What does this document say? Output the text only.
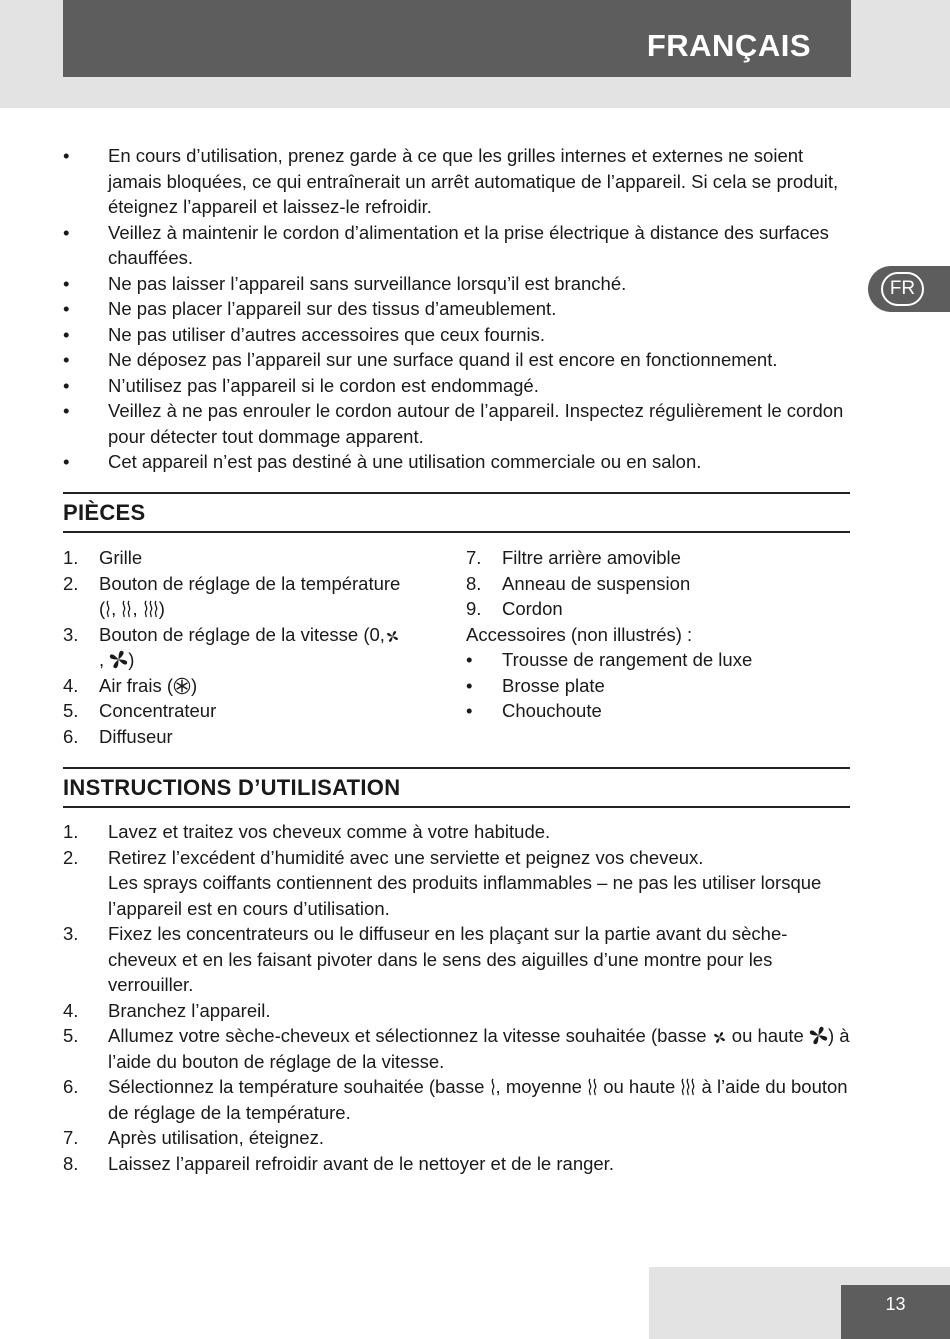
FRANÇAIS
FR
• En cours d’utilisation, prenez garde à ce que les grilles internes et externes ne soient jamais bloquées, ce qui entraînerait un arrêt automatique de l’appareil. Si cela se produit, éteignez l’appareil et laissez-le refroidir.
• Veillez à maintenir le cordon d’alimentation et la prise électrique à distance des surfaces chauffées.
• Ne pas laisser l’appareil sans surveillance lorsqu’il est branché.
• Ne pas placer l’appareil sur des tissus d’ameublement.
• Ne pas utiliser d’autres accessoires que ceux fournis.
• Ne déposez pas l’appareil sur une surface quand il est encore en fonctionnement.
• N’utilisez pas l’appareil si le cordon est endommagé.
• Veillez à ne pas enrouler le cordon autour de l’appareil. Inspectez régulièrement le cordon pour détecter tout dommage apparent.
• Cet appareil n’est pas destiné à une utilisation commerciale ou en salon.
PIÈCES
1. Grille
2. Bouton de réglage de la température
( , , )
3. Bouton de réglage de la vitesse (0,
, )
4. Air frais ( )
5. Concentrateur
6. Diffuseur
7. Filtre arrière amovible
8. Anneau de suspension
9. Cordon
Accessoires (non illustrés) :
• Trousse de rangement de luxe
• Brosse plate
• Chouchoute
INSTRUCTIONS D’UTILISATION
1. Lavez et traitez vos cheveux comme à votre habitude.
2. Retirez l’excédent d’humidité avec une serviette et peignez vos cheveux.
Les sprays coiffants contiennent des produits inflammables – ne pas les utiliser lorsque l’appareil est en cours d’utilisation.
3. Fixez les concentrateurs ou le diffuseur en les plaçant sur la partie avant du sèche-cheveux et en les faisant pivoter dans le sens des aiguilles d’une montre pour les verrouiller.
4. Branchez l’appareil.
5. Allumez votre sèche-cheveux et sélectionnez la vitesse souhaitée (basse ou haute ) à l’aide du bouton de réglage de la vitesse.
6. Sélectionnez la température souhaitée (basse , moyenne ou haute à l’aide du bouton de réglage de la température.
7. Après utilisation, éteignez.
8. Laissez l’appareil refroidir avant de le nettoyer et de le ranger.
13
